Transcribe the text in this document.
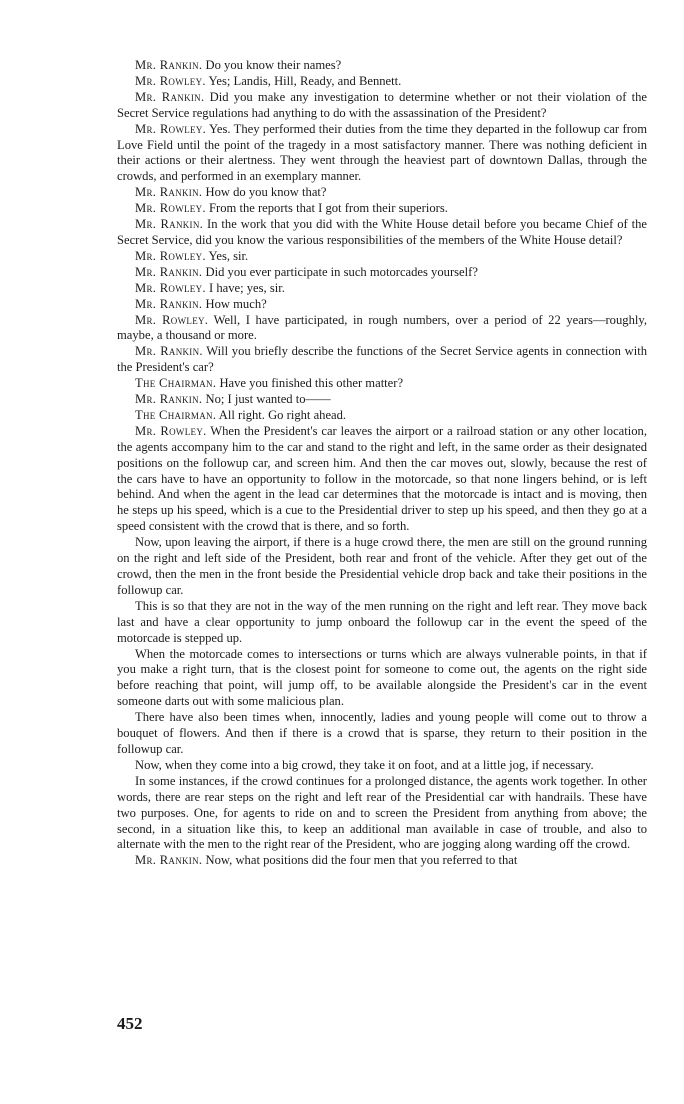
Mr. Rankin. Do you know their names?

Mr. Rowley. Yes; Landis, Hill, Ready, and Bennett.

Mr. Rankin. Did you make any investigation to determine whether or not their violation of the Secret Service regulations had anything to do with the assassination of the President?

Mr. Rowley. Yes. They performed their duties from the time they departed in the followup car from Love Field until the point of the tragedy in a most satisfactory manner. There was nothing deficient in their actions or their alertness. They went through the heaviest part of downtown Dallas, through the crowds, and performed in an exemplary manner.

Mr. Rankin. How do you know that?

Mr. Rowley. From the reports that I got from their superiors.

Mr. Rankin. In the work that you did with the White House detail before you became Chief of the Secret Service, did you know the various responsibilities of the members of the White House detail?

Mr. Rowley. Yes, sir.

Mr. Rankin. Did you ever participate in such motorcades yourself?

Mr. Rowley. I have; yes, sir.

Mr. Rankin. How much?

Mr. Rowley. Well, I have participated, in rough numbers, over a period of 22 years—roughly, maybe, a thousand or more.

Mr. Rankin. Will you briefly describe the functions of the Secret Service agents in connection with the President's car?

The Chairman. Have you finished this other matter?

Mr. Rankin. No; I just wanted to——

The Chairman. All right. Go right ahead.

Mr. Rowley. When the President's car leaves the airport or a railroad station or any other location, the agents accompany him to the car and stand to the right and left, in the same order as their designated positions on the followup car, and screen him. And then the car moves out, slowly, because the rest of the cars have to have an opportunity to follow in the motorcade, so that none lingers behind, or is left behind. And when the agent in the lead car determines that the motorcade is intact and is moving, then he steps up his speed, which is a cue to the Presidential driver to step up his speed, and then they go at a speed consistent with the crowd that is there, and so forth.

Now, upon leaving the airport, if there is a huge crowd there, the men are still on the ground running on the right and left side of the President, both rear and front of the vehicle. After they get out of the crowd, then the men in the front beside the Presidential vehicle drop back and take their positions in the followup car.

This is so that they are not in the way of the men running on the right and left rear. They move back last and have a clear opportunity to jump onboard the followup car in the event the speed of the motorcade is stepped up.

When the motorcade comes to intersections or turns which are always vulnerable points, in that if you make a right turn, that is the closest point for someone to come out, the agents on the right side before reaching that point, will jump off, to be available alongside the President's car in the event someone darts out with some malicious plan.

There have also been times when, innocently, ladies and young people will come out to throw a bouquet of flowers. And then if there is a crowd that is sparse, they return to their position in the followup car.

Now, when they come into a big crowd, they take it on foot, and at a little jog, if necessary.

In some instances, if the crowd continues for a prolonged distance, the agents work together. In other words, there are rear steps on the right and left rear of the Presidential car with handrails. These have two purposes. One, for agents to ride on and to screen the President from anything from above; the second, in a situation like this, to keep an additional man available in case of trouble, and also to alternate with the men to the right rear of the President, who are jogging along warding off the crowd.

Mr. Rankin. Now, what positions did the four men that you referred to that

452
